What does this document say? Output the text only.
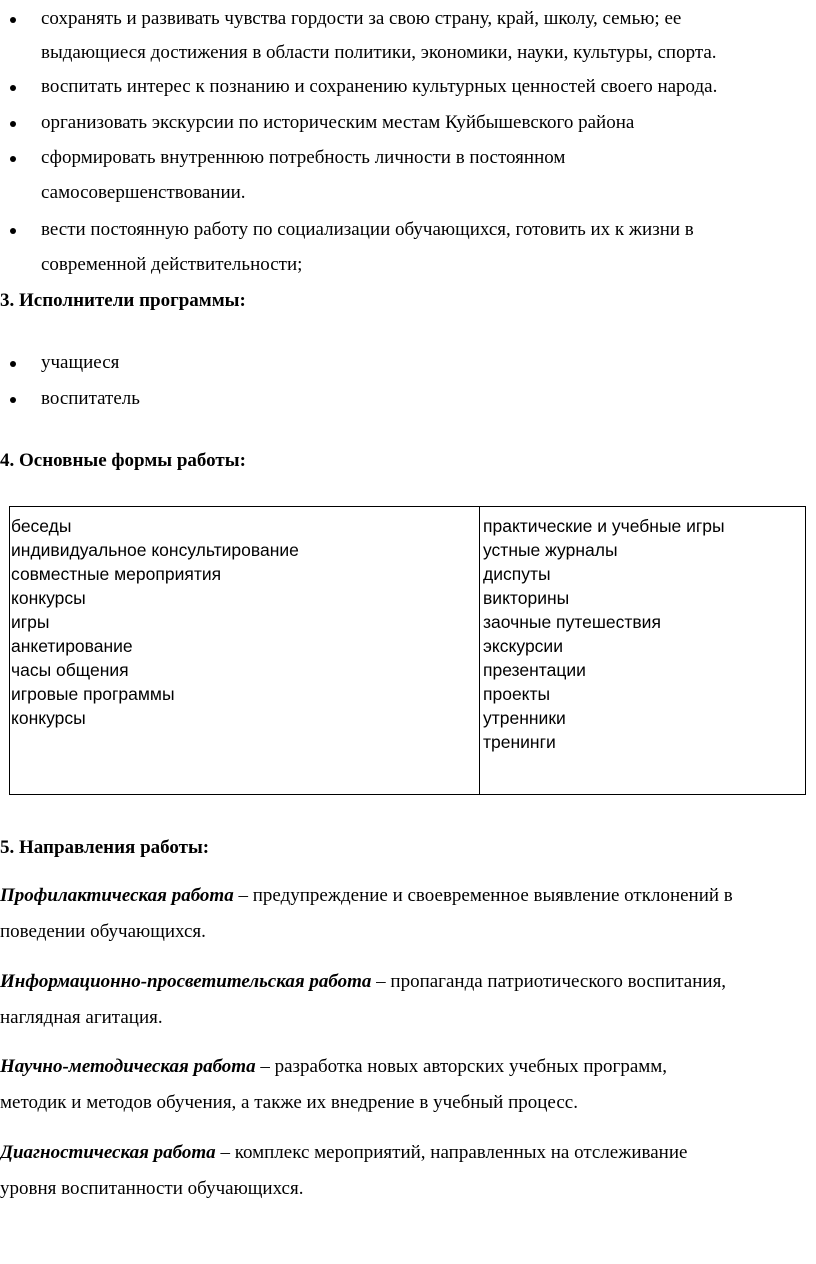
сохранять и развивать чувства гордости за свою страну, край, школу, семью; ее
выдающиеся достижения в области политики, экономики, науки, культуры, спорта.
воспитать интерес к познанию и сохранению культурных ценностей своего народа.
организовать экскурсии по историческим местам Куйбышевского района
сформировать внутреннюю потребность личности в постоянном
самосовершенствовании.
вести постоянную работу по социализации обучающихся, готовить их к жизни в
современной действительности;
3. Исполнители программы:
учащиеся
воспитатель
4. Основные формы работы:
беседы
индивидуальное консультирование
совместные мероприятия
конкурсы
игры
анкетирование
часы общения
игровые программы
конкурсы
практические и учебные игры
устные журналы
диспуты
викторины
заочные путешествия
экскурсии
презентации
проекты
утренники
тренинги
5. Направления работы:
Профилактическая работа – предупреждение и своевременное выявление отклонений в
поведении обучающихся.
Информационно-просветительская работа – пропаганда патриотического воспитания,
наглядная агитация.
Научно-методическая работа – разработка новых авторских учебных программ,
методик и методов обучения, а также их внедрение в учебный процесс.
Диагностическая работа – комплекс мероприятий, направленных на отслеживание
уровня воспитанности обучающихся.
